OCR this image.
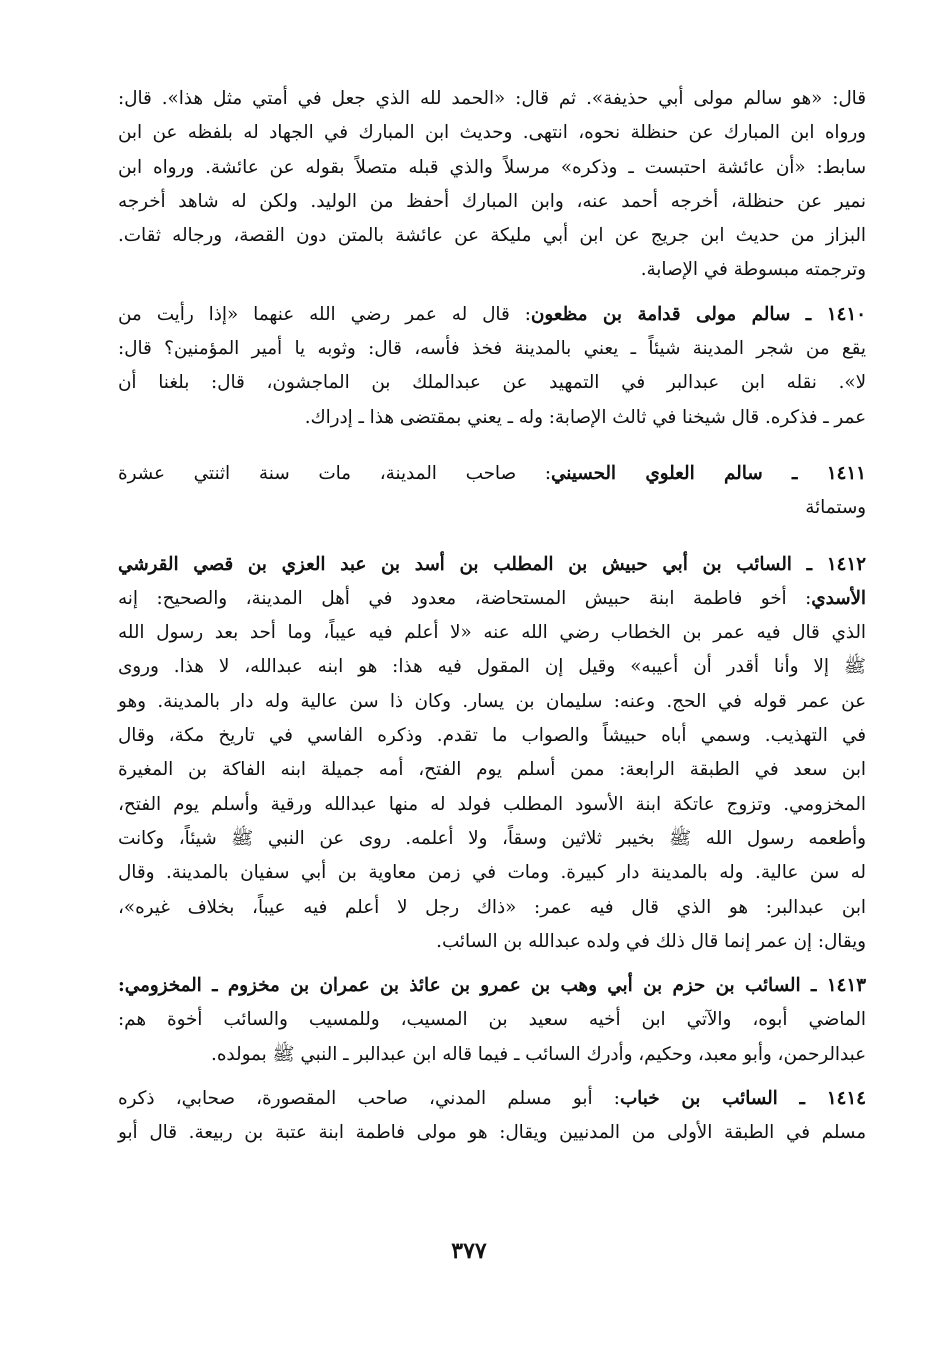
قال: «هو سالم مولى أبي حذيفة». ثم قال: «الحمد لله الذي جعل في أمتي مثل هذا». قال:
ورواه ابن المبارك عن حنظلة نحوه، انتهى. وحديث ابن المبارك في الجهاد له بلفظه عن ابن
سابط: «أن عائشة احتبست ـ وذكره» مرسلاً والذي قبله متصلاً بقوله عن عائشة. ورواه ابن
نمير عن حنظلة، أخرجه أحمد عنه، وابن المبارك أحفظ من الوليد. ولكن له شاهد أخرجه
البزاز من حديث ابن جريج عن ابن أبي مليكة عن عائشة بالمتن دون القصة، ورجاله ثقات.
وترجمته مبسوطة في الإصابة.
١٤١٠ ـ سالم مولى قدامة بن مظعون: قال له عمر رضي الله عنهما «إذا رأيت من
يقع من شجر المدينة شيئاً ـ يعني بالمدينة فخذ فأسه، قال: وثوبه يا أمير المؤمنين؟ قال:
لا». نقله ابن عبدالبر في التمهيد عن عبدالملك بن الماجشون، قال: بلغنا أن
عمر ـ فذكره. قال شيخنا في ثالث الإصابة: وله ـ يعني بمقتضى هذا ـ إدراك.
١٤١١ ـ سالم العلوي الحسيني: صاحب المدينة، مات سنة اثنتي عشرة
وستمائة
١٤١٢ ـ السائب بن أبي حبيش بن المطلب بن أسد بن عبد العزي بن قصي القرشي
الأسدي: أخو فاطمة ابنة حبيش المستحاضة، معدود في أهل المدينة، والصحيح: إنه
الذي قال فيه عمر بن الخطاب رضي الله عنه «لا أعلم فيه عيباً، وما أحد بعد رسول الله
ﷺ إلا وأنا أقدر أن أعيبه» وقيل إن المقول فيه هذا: هو ابنه عبدالله، لا هذا. وروى
عن عمر قوله في الحج. وعنه: سليمان بن يسار. وكان ذا سن عالية وله دار بالمدينة. وهو
في التهذيب. وسمي أباه حبيشاً والصواب ما تقدم. وذكره الفاسي في تاريخ مكة، وقال
ابن سعد في الطبقة الرابعة: ممن أسلم يوم الفتح، أمه جميلة ابنه الفاكة بن المغيرة
المخزومي. وتزوج عاتكة ابنة الأسود المطلب فولد له منها عبدالله ورقية وأسلم يوم الفتح،
وأطعمه رسول الله ﷺ بخيبر ثلاثين وسقاً، ولا أعلمه. روى عن النبي ﷺ شيئاً، وكانت
له سن عالية. وله بالمدينة دار كبيرة. ومات في زمن معاوية بن أبي سفيان بالمدينة. وقال
ابن عبدالبر: هو الذي قال فيه عمر: «ذاك رجل لا أعلم فيه عيباً، بخلاف غيره»،
ويقال: إن عمر إنما قال ذلك في ولده عبدالله بن السائب.
١٤١٣ ـ السائب بن حزم بن أبي وهب بن عمرو بن عائذ بن عمران بن مخزوم ـ المخزومي:
الماضي أبوه، والآتي ابن أخيه سعيد بن المسيب، وللمسيب والسائب أخوة هم:
عبدالرحمن، وأبو معبد، وحكيم، وأدرك السائب ـ فيما قاله ابن عبدالبر ـ النبي ﷺ بمولده.
١٤١٤ ـ السائب بن خباب: أبو مسلم المدني، صاحب المقصورة، صحابي، ذكره
مسلم في الطبقة الأولى من المدنيين ويقال: هو مولى فاطمة ابنة عتبة بن ربيعة. قال أبو
٣٧٧
